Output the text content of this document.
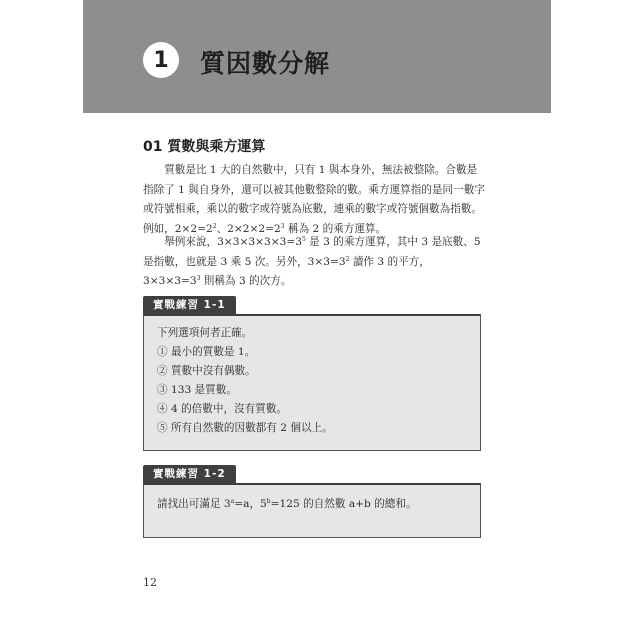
1	質因數分解
01 質數與乘方運算

質數是比 1 大的自然數中，只有 1 與本身外，無法被整除。合數是指除了 1 與自身外，還可以被其他數整除的數。乘方運算指的是同一數字或符號相乘，乘以的數字或符號為底數，連乘的數字或符號個數為指數。例如，$2\times 2=2^2$、$2\times 2\times 2=2^3$ 稱為 2 的乘方運算。

舉例來說，$3\times 3\times 3\times 3\times 3=3^5$ 是 3 的乘方運算，其中 3 是底數、5 是指數，也就是 3 乘 5 次。另外，$3\times 3=3^2$ 讀作 3 的平方，$3\times 3\times 3=3^3$ 則稱為 3 的次方。

實戰練習 1-1
下列選項何者正確。
① 最小的質數是 1。
② 質數中沒有偶數。
③ 133 是質數。
④ 4 的倍數中，沒有質數。
⑤ 所有自然數的因數都有 2 個以上。
實戰練習 1-2
請找出可滿足 $3^a=a$，$5^b=125$ 的自然數 a+b 的總和。
12
